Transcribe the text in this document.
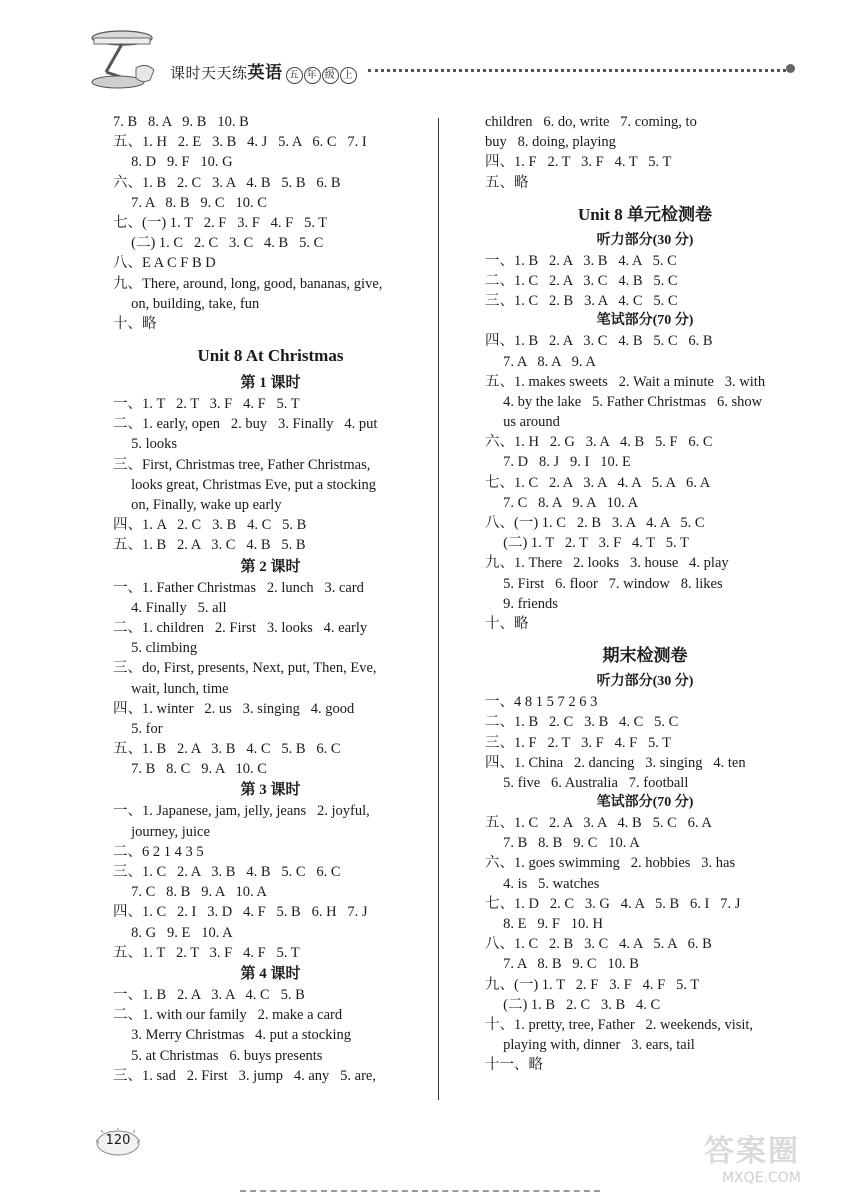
课时天天练英语 五 年 级 上
7. B   8. A   9. B   10. B
五、1. H   2. E   3. B   4. J   5. A   6. C   7. I
8. D   9. F   10. G
六、1. B   2. C   3. A   4. B   5. B   6. B
7. A   8. B   9. C   10. C
七、(一) 1. T   2. F   3. F   4. F   5. T
(二) 1. C   2. C   3. C   4. B   5. C
八、E A C F B D
九、There, around, long, good, bananas, give,
on, building, take, fun
十、略
Unit 8 At Christmas
第 1 课时
一、1. T   2. T   3. F   4. F   5. T
二、1. early, open   2. buy   3. Finally   4. put
5. looks
三、First, Christmas tree, Father Christmas,
looks great, Christmas Eve, put a stocking
on, Finally, wake up early
四、1. A   2. C   3. B   4. C   5. B
五、1. B   2. A   3. C   4. B   5. B
第 2 课时
一、1. Father Christmas   2. lunch   3. card
4. Finally   5. all
二、1. children   2. First   3. looks   4. early
5. climbing
三、do, First, presents, Next, put, Then, Eve,
wait, lunch, time
四、1. winter   2. us   3. singing   4. good
5. for
五、1. B   2. A   3. B   4. C   5. B   6. C
7. B   8. C   9. A   10. C
第 3 课时
一、1. Japanese, jam, jelly, jeans   2. joyful,
journey, juice
二、6 2 1 4 3 5
三、1. C   2. A   3. B   4. B   5. C   6. C
7. C   8. B   9. A   10. A
四、1. C   2. I   3. D   4. F   5. B   6. H   7. J
8. G   9. E   10. A
五、1. T   2. T   3. F   4. F   5. T
第 4 课时
一、1. B   2. A   3. A   4. C   5. B
二、1. with our family   2. make a card
3. Merry Christmas   4. put a stocking
5. at Christmas   6. buys presents
三、1. sad   2. First   3. jump   4. any   5. are,
children   6. do, write   7. coming, to
buy   8. doing, playing
四、1. F   2. T   3. F   4. T   5. T
五、略
Unit 8 单元检测卷
听力部分(30 分)
一、1. B   2. A   3. B   4. A   5. C
二、1. C   2. A   3. C   4. B   5. C
三、1. C   2. B   3. A   4. C   5. C
笔试部分(70 分)
四、1. B   2. A   3. C   4. B   5. C   6. B
7. A   8. A   9. A
五、1. makes sweets   2. Wait a minute   3. with
4. by the lake   5. Father Christmas   6. show
us around
六、1. H   2. G   3. A   4. B   5. F   6. C
7. D   8. J   9. I   10. E
七、1. C   2. A   3. A   4. A   5. A   6. A
7. C   8. A   9. A   10. A
八、(一) 1. C   2. B   3. A   4. A   5. C
(二) 1. T   2. T   3. F   4. T   5. T
九、1. There   2. looks   3. house   4. play
5. First   6. floor   7. window   8. likes
9. friends
十、略
期末检测卷
听力部分(30 分)
一、4 8 1 5 7 2 6 3
二、1. B   2. C   3. B   4. C   5. C
三、1. F   2. T   3. F   4. F   5. T
四、1. China   2. dancing   3. singing   4. ten
5. five   6. Australia   7. football
笔试部分(70 分)
五、1. C   2. A   3. A   4. B   5. C   6. A
7. B   8. B   9. C   10. A
六、1. goes swimming   2. hobbies   3. has
4. is   5. watches
七、1. D   2. C   3. G   4. A   5. B   6. I   7. J
8. E   9. F   10. H
八、1. C   2. B   3. C   4. A   5. A   6. B
7. A   8. B   9. C   10. B
九、(一) 1. T   2. F   3. F   4. F   5. T
(二) 1. B   2. C   3. B   4. C
十、1. pretty, tree, Father   2. weekends, visit,
playing with, dinner   3. ears, tail
十一、略
120	答案圈
MXQE.COM
